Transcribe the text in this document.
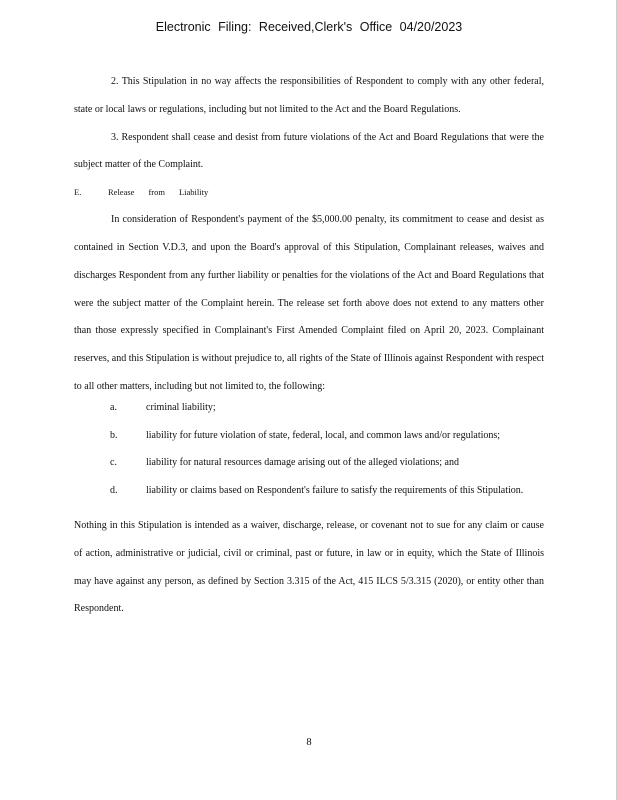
Electronic Filing: Received,Clerk's Office 04/20/2023

2. This Stipulation in no way affects the responsibilities of Respondent to comply with any other federal, state or local laws or regulations, including but not limited to the Act and the Board Regulations.

3. Respondent shall cease and desist from future violations of the Act and Board Regulations that were the subject matter of the Complaint.

E.	Release from Liability

In consideration of Respondent's payment of the $5,000.00 penalty, its commitment to cease and desist as contained in Section V.D.3, and upon the Board's approval of this Stipulation, Complainant releases, waives and discharges Respondent from any further liability or penalties for the violations of the Act and Board Regulations that were the subject matter of the Complaint herein. The release set forth above does not extend to any matters other than those expressly specified in Complainant's First Amended Complaint filed on April 20, 2023. Complainant reserves, and this Stipulation is without prejudice to, all rights of the State of Illinois against Respondent with respect to all other matters, including but not limited to, the following:

a.	criminal liability;
b.	liability for future violation of state, federal, local, and common laws and/or regulations;
c.	liability for natural resources damage arising out of the alleged violations; and
d.	liability or claims based on Respondent's failure to satisfy the requirements of this Stipulation.

Nothing in this Stipulation is intended as a waiver, discharge, release, or covenant not to sue for any claim or cause of action, administrative or judicial, civil or criminal, past or future, in law or in equity, which the State of Illinois may have against any person, as defined by Section 3.315 of the Act, 415 ILCS 5/3.315 (2020), or entity other than Respondent.

8
